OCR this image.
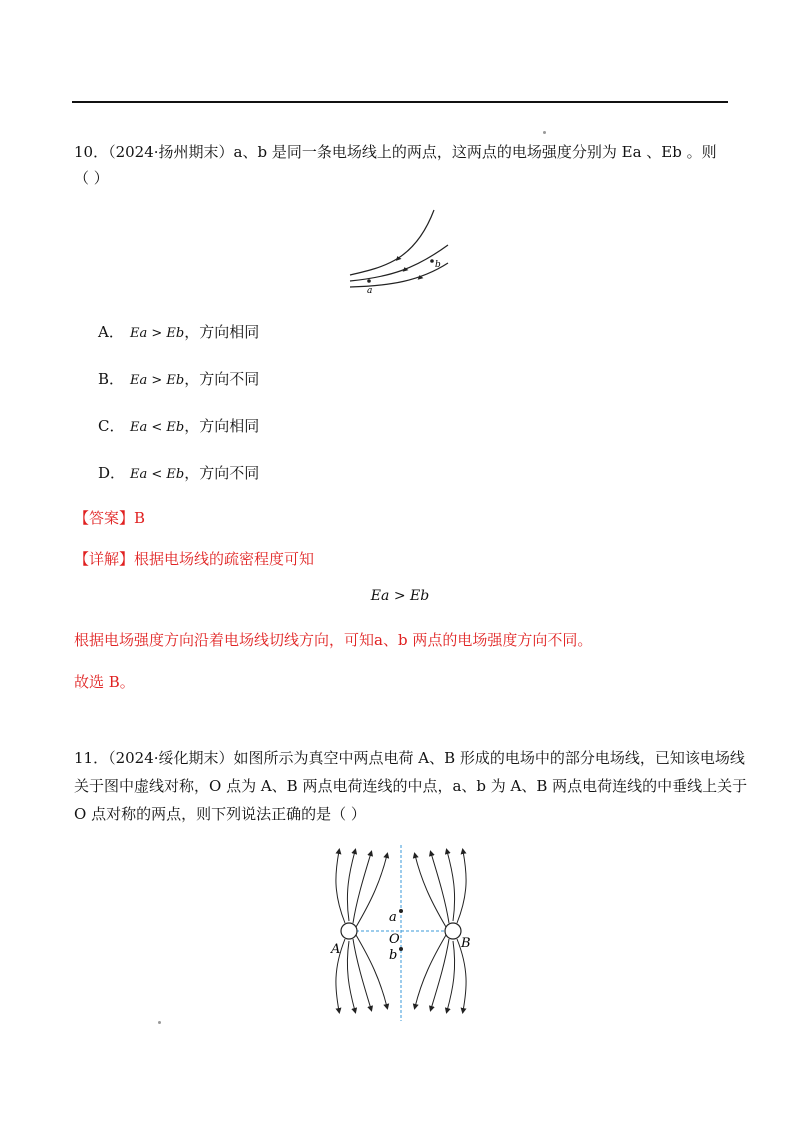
10．（2024·扬州期末）a、b 是同一条电场线上的两点，这两点的电场强度分别为 Ea 、Eb 。则
（ ）
a
b
A． Ea > Eb，方向相同
B． Ea > Eb，方向不同
C． Ea < Eb，方向相同
D． Ea < Eb，方向不同
【答案】B
【详解】根据电场线的疏密程度可知
Ea > Eb
根据电场强度方向沿着电场线切线方向，可知a、b 两点的电场强度方向不同。
故选 B。
11．（2024·绥化期末）如图所示为真空中两点电荷 A、B 形成的电场中的部分电场线，已知该电场线
关于图中虚线对称，O 点为 A、B 两点电荷连线的中点，a、b 为 A、B 两点电荷连线的中垂线上关于
O 点对称的两点，则下列说法正确的是（ ）
a
O
b
A	B
